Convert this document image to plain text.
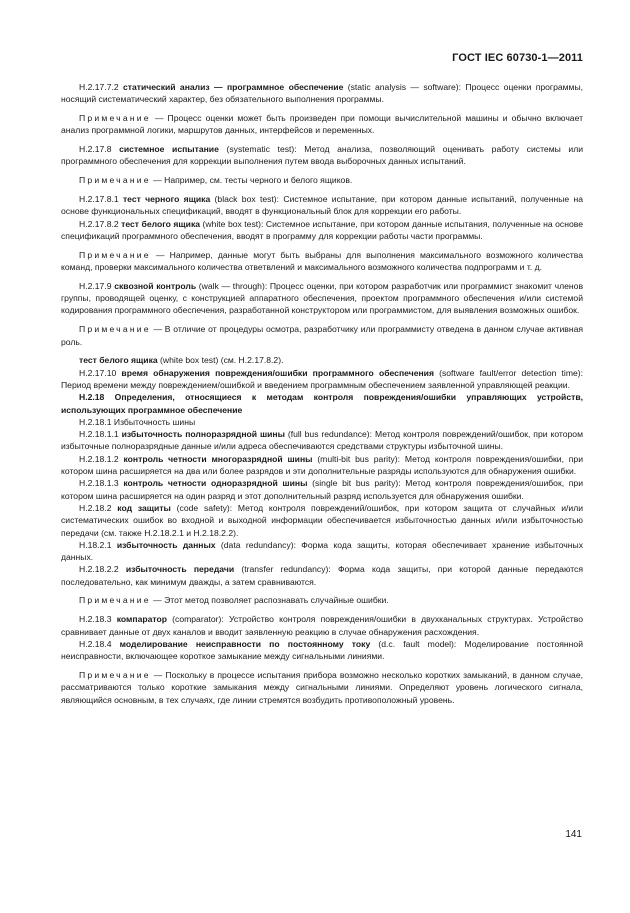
ГОСТ IEC 60730-1—2011

Н.2.17.7.2 статический анализ — программное обеспечение (static analysis — software): Процесс оценки программы, носящий систематический характер, без обязательного выполнения программы.

Примечание — Процесс оценки может быть произведен при помощи вычислительной машины и обычно включает анализ программной логики, маршрутов данных, интерфейсов и переменных.

Н.2.17.8 системное испытание (systematic test): Метод анализа, позволяющий оценивать работу системы или программного обеспечения для коррекции выполнения путем ввода выборочных данных испытаний.

Примечание — Например, см. тесты черного и белого ящиков.

Н.2.17.8.1 тест черного ящика (black box test): Системное испытание, при котором данные испытаний, полученные на основе функциональных спецификаций, вводят в функциональный блок для коррекции его работы.

Н.2.17.8.2 тест белого ящика (white box test): Системное испытание, при котором данные испытания, полученные на основе спецификаций программного обеспечения, вводят в программу для коррекции работы части программы.

Примечание — Например, данные могут быть выбраны для выполнения максимального возможного количества команд, проверки максимального количества ответвлений и максимального возможного количества подпрограмм и т. д.

Н.2.17.9 сквозной контроль (walk — through): Процесс оценки, при котором разработчик или программист знакомит членов группы, проводящей оценку, с конструкцией аппаратного обеспечения, проектом программного обеспечения и/или системой кодирования программного обеспечения, разработанной конструктором или программистом, для выявления возможных ошибок.

Примечание — В отличие от процедуры осмотра, разработчику или программисту отведена в данном случае активная роль.

тест белого ящика (white box test) (см. Н.2.17.8.2).

Н.2.17.10 время обнаружения повреждения/ошибки программного обеспечения (software fault/error detection time): Период времени между повреждением/ошибкой и введением программным обеспечением заявленной управляющей реакции.

Н.2.18 Определения, относящиеся к методам контроля повреждения/ошибки управляющих устройств, использующих программное обеспечение

Н.2.18.1 Избыточность шины

Н.2.18.1.1 избыточность полноразрядной шины (full bus redundance): Метод контроля повреждений/ошибок, при котором избыточные полноразрядные данные и/или адреса обеспечиваются средствами структуры избыточной шины.

Н.2.18.1.2 контроль четности многоразрядной шины (multi-bit bus parity): Метод контроля повреждения/ошибки, при котором шина расширяется на два или более разрядов и эти дополнительные разряды используются для обнаружения ошибки.

Н.2.18.1.3 контроль четности одноразрядной шины (single bit bus parity): Метод контроля повреждения/ошибок, при котором шина расширяется на один разряд и этот дополнительный разряд используется для обнаружения ошибки.

Н.2.18.2 код защиты (code safety): Метод контроля повреждений/ошибок, при котором защита от случайных и/или систематических ошибок во входной и выходной информации обеспечивается избыточностью данных и/или избыточностью передачи (см. также Н.2.18.2.1 и Н.2.18.2.2).

Н.18.2.1 избыточность данных (data redundancy): Форма кода защиты, которая обеспечивает хранение избыточных данных.

Н.2.18.2.2 избыточность передачи (transfer redundancy): Форма кода защиты, при которой данные передаются последовательно, как минимум дважды, а затем сравниваются.

Примечание — Этот метод позволяет распознавать случайные ошибки.

Н.2.18.3 компаратор (comparator): Устройство контроля повреждения/ошибки в двухканальных структурах. Устройство сравнивает данные от двух каналов и вводит заявленную реакцию в случае обнаружения расхождения.

Н.2.18.4 моделирование неисправности по постоянному току (d.c. fault model): Моделирование постоянной неисправности, включающее короткое замыкание между сигнальными линиями.

Примечание — Поскольку в процессе испытания прибора возможно несколько коротких замыканий, в данном случае, рассматриваются только короткие замыкания между сигнальными линиями. Определяют уровень логического сигнала, являющийся основным, в тех случаях, где линии стремятся возбудить противоположный уровень.

141
